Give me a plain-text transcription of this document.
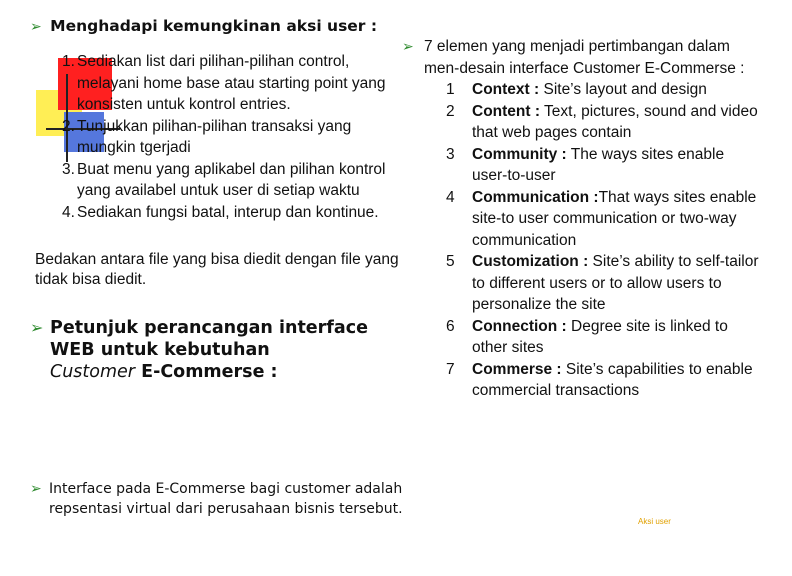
➢ Menghadapi kemungkinan aksi user :
1. Sediakan list dari pilihan-pilihan control, melayani home base atau starting point yang konsisten untuk kontrol entries.
2. Tunjukkan pilihan-pilihan transaksi yang mungkin tgerjadi
3. Buat menu yang aplikabel dan pilihan kontrol yang availabel untuk user di setiap waktu
4. Sediakan fungsi batal, interup dan kontinue.
Bedakan antara file yang bisa diedit dengan file yang tidak bisa diedit.
➢ Petunjuk perancangan interface
WEB untuk kebutuhan
Customer E-Commerse :
➢ Interface pada E-Commerse bagi customer adalah repsentasi virtual dari perusahaan bisnis tersebut.
➢ 7 elemen yang menjadi pertimbangan dalam men-desain interface Customer E-Commerse :
1 Context : Site’s layout and design
2 Content : Text, pictures, sound and video that web pages contain
3 Community : The ways sites enable user-to-user
4 Communication :That ways sites enable site-to user communication or two-way communication
5 Customization : Site’s ability to self-tailor to different users or to allow users to personalize the site
6 Connection : Degree site is linked to other sites
7 Commerse : Site’s capabilities to enable commercial transactions
Aksi user
